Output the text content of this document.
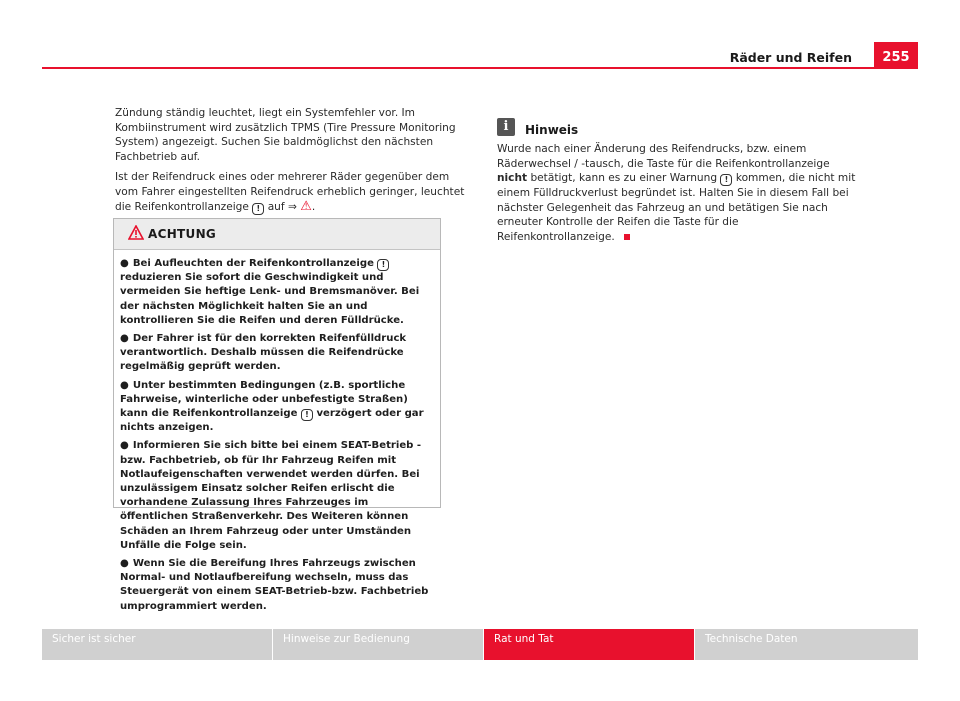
Räder und Reifen	255

Zündung ständig leuchtet, liegt ein Systemfehler vor. Im Kombiinstrument wird zusätzlich TPMS (Tire Pressure Monitoring System) angezeigt. Suchen Sie baldmöglichst den nächsten Fachbetrieb auf.

Ist der Reifendruck eines oder mehrerer Räder gegenüber dem vom Fahrer eingestellten Reifendruck erheblich geringer, leuchtet die Reifenkontrollanzeige ! auf ⇒ ⚠.

ACHTUNG
● Bei Aufleuchten der Reifenkontrollanzeige ! reduzieren Sie sofort die Geschwindigkeit und vermeiden Sie heftige Lenk- und Bremsmanöver. Bei der nächsten Möglichkeit halten Sie an und kontrollieren Sie die Reifen und deren Fülldrücke.
● Der Fahrer ist für den korrekten Reifenfülldruck verantwortlich. Deshalb müssen die Reifendrücke regelmäßig geprüft werden.
● Unter bestimmten Bedingungen (z.B. sportliche Fahrweise, winterliche oder unbefestigte Straßen) kann die Reifenkontrollanzeige ! verzögert oder gar nichts anzeigen.
● Informieren Sie sich bitte bei einem SEAT-Betrieb - bzw. Fachbetrieb, ob für Ihr Fahrzeug Reifen mit Notlaufeigenschaften verwendet werden dürfen. Bei unzulässigem Einsatz solcher Reifen erlischt die vorhandene Zulassung Ihres Fahrzeuges im öffentlichen Straßenverkehr. Des Weiteren können Schäden an Ihrem Fahrzeug oder unter Umständen Unfälle die Folge sein.
● Wenn Sie die Bereifung Ihres Fahrzeugs zwischen Normal- und Notlaufbereifung wechseln, muss das Steuergerät von einem SEAT-Betrieb-bzw. Fachbetrieb umprogrammiert werden.
i	Hinweis

Wurde nach einer Änderung des Reifendrucks, bzw. einem Räderwechsel / -tausch, die Taste für die Reifenkontrollanzeige nicht betätigt, kann es zu einer Warnung ! kommen, die nicht mit einem Fülldruckverlust begründet ist. Halten Sie in diesem Fall bei nächster Gelegenheit das Fahrzeug an und betätigen Sie nach erneuter Kontrolle der Reifen die Taste für die Reifenkontrollanzeige.

Sicher ist sicher	Hinweise zur Bedienung	Rat und Tat	Technische Daten
